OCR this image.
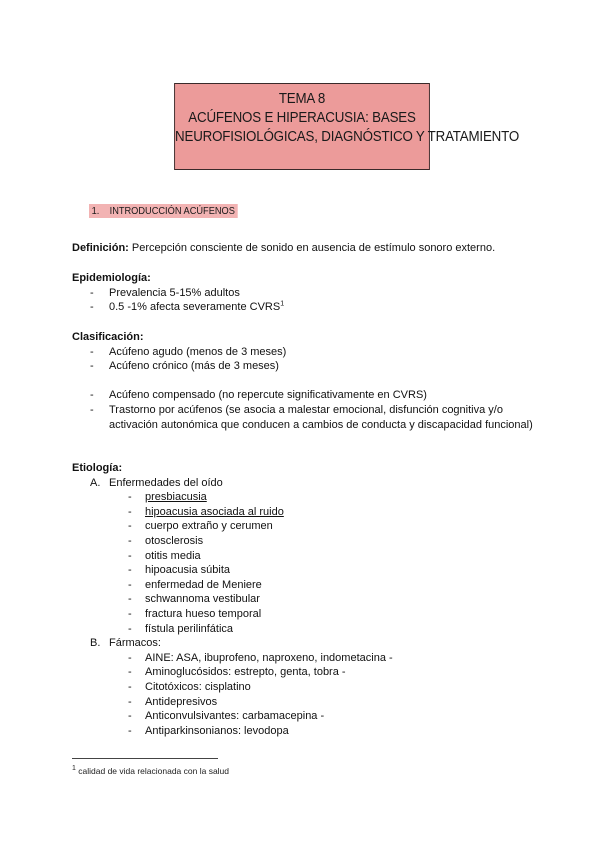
TEMA 8
ACÚFENOS E HIPERACUSIA: BASES
NEUROFISIOLÓGICAS, DIAGNÓSTICO Y TRATAMIENTO
1. INTRODUCCIÓN ACÚFENOS
Definición: Percepción consciente de sonido en ausencia de estímulo sonoro externo.
Epidemiología:
- Prevalencia 5-15% adultos
- 0.5 -1% afecta severamente CVRS$^1$
Clasificación:
- Acúfeno agudo (menos de 3 meses)
- Acúfeno crónico (más de 3 meses)
- Acúfeno compensado (no repercute significativamente en CVRS)
- Trastorno por acúfenos (se asocia a malestar emocional, disfunción cognitiva y/o activación autonómica que conducen a cambios de conducta y discapacidad funcional)
Etiología:
A. Enfermedades del oído
- presbiacusia
- hipoacusia asociada al ruido
- cuerpo extraño y cerumen
- otosclerosis
- otitis media
- hipoacusia súbita
- enfermedad de Meniere
- schwannoma vestibular
- fractura hueso temporal
- fístula perilinfática
B. Fármacos:
- AINE: ASA, ibuprofeno, naproxeno, indometacina -
- Aminoglucósidos: estrepto, genta, tobra -
- Citotóxicos: cisplatino
- Antidepresivos
- Anticonvulsivantes: carbamacepina -
- Antiparkinsonianos: levodopa
$^1$ calidad de vida relacionada con la salud
